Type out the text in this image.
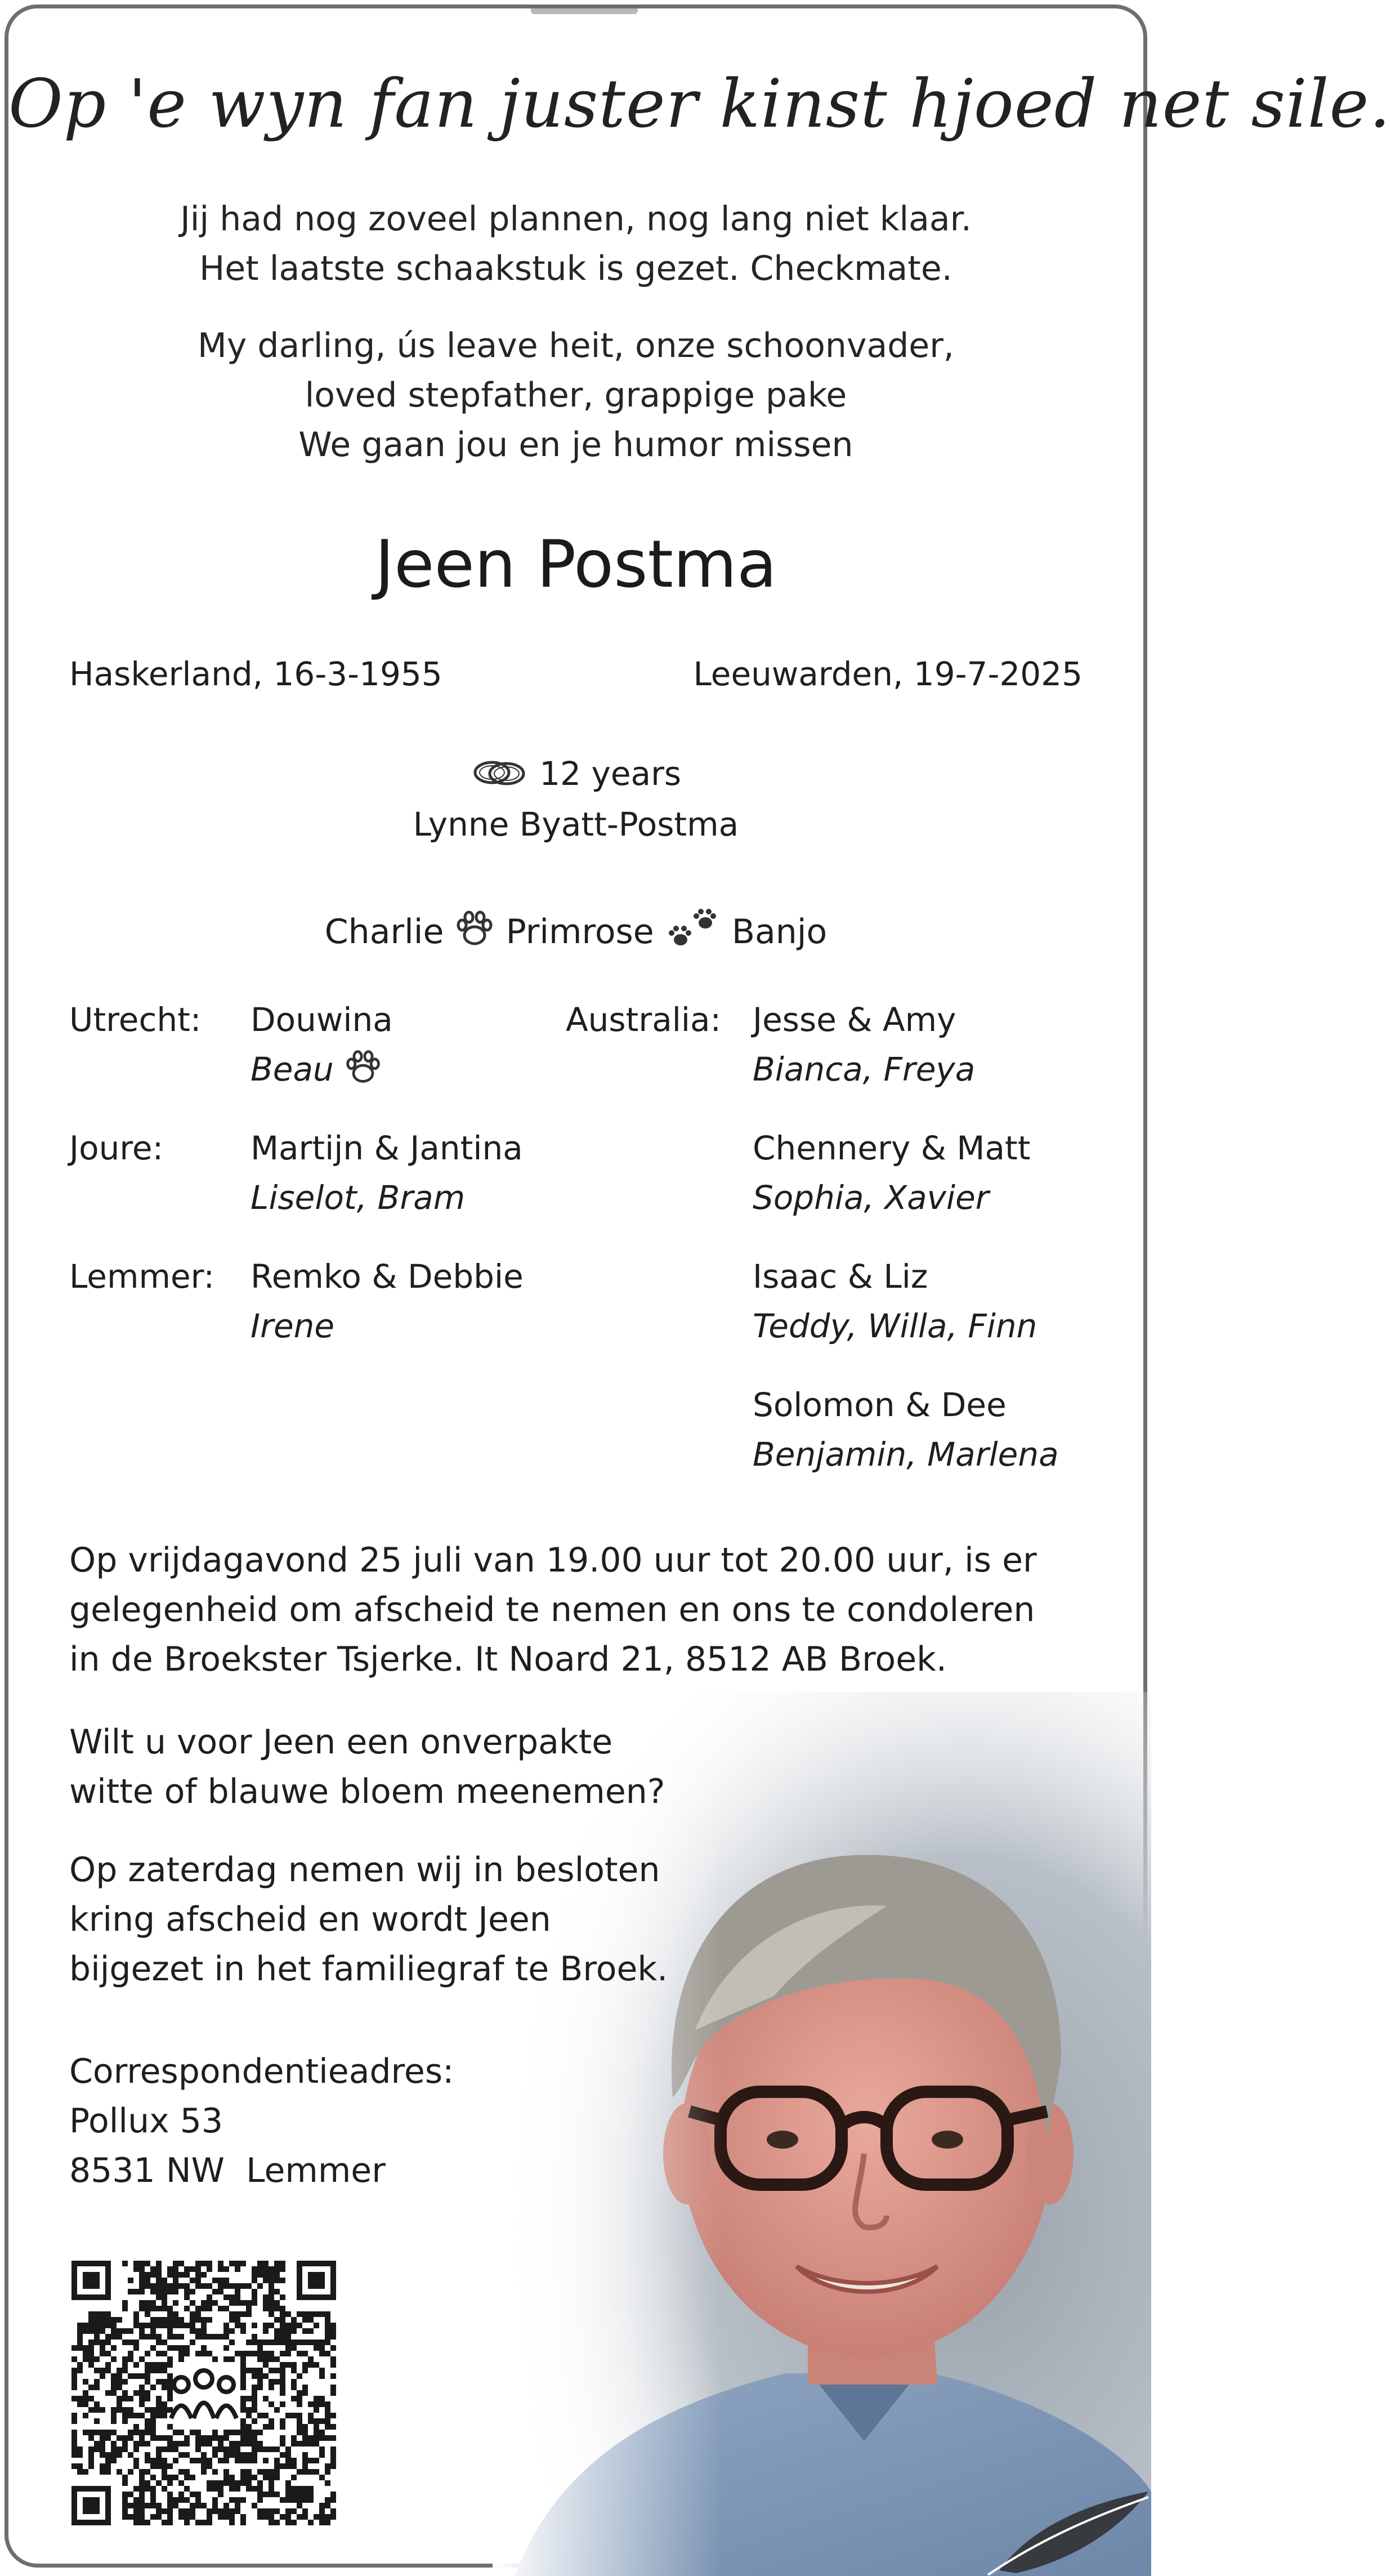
Op 'e wyn fan juster kinst hjoed net sile.
Jij had nog zoveel plannen, nog lang niet klaar.
Het laatste schaakstuk is gezet. Checkmate.
My darling, ús leave heit, onze schoonvader,
loved stepfather, grappige pake
We gaan jou en je humor missen
Jeen Postma
Haskerland, 16-3-1955	Leeuwarden, 19-7-2025
12 years
Lynne Byatt-Postma
Charlie Primrose Banjo
Utrecht: Douwina
Beau
Joure:	Martijn & Jantina
Liselot, Bram
Lemmer: Remko & Debbie
Irene
Australia: Jesse & Amy
Bianca, Freya
Chennery & Matt
Sophia, Xavier
Isaac & Liz
Teddy, Willa, Finn
Solomon & Dee
Benjamin, Marlena
Op vrijdagavond 25 juli van 19.00 uur tot 20.00 uur, is er
gelegenheid om afscheid te nemen en ons te condoleren
in de Broekster Tsjerke. It Noard 21, 8512 AB Broek.
Wilt u voor Jeen een onverpakte
witte of blauwe bloem meenemen?
Op zaterdag nemen wij in besloten
kring afscheid en wordt Jeen
bijgezet in het familiegraf te Broek.
Correspondentieadres:
Pollux 53
8531 NW  Lemmer
